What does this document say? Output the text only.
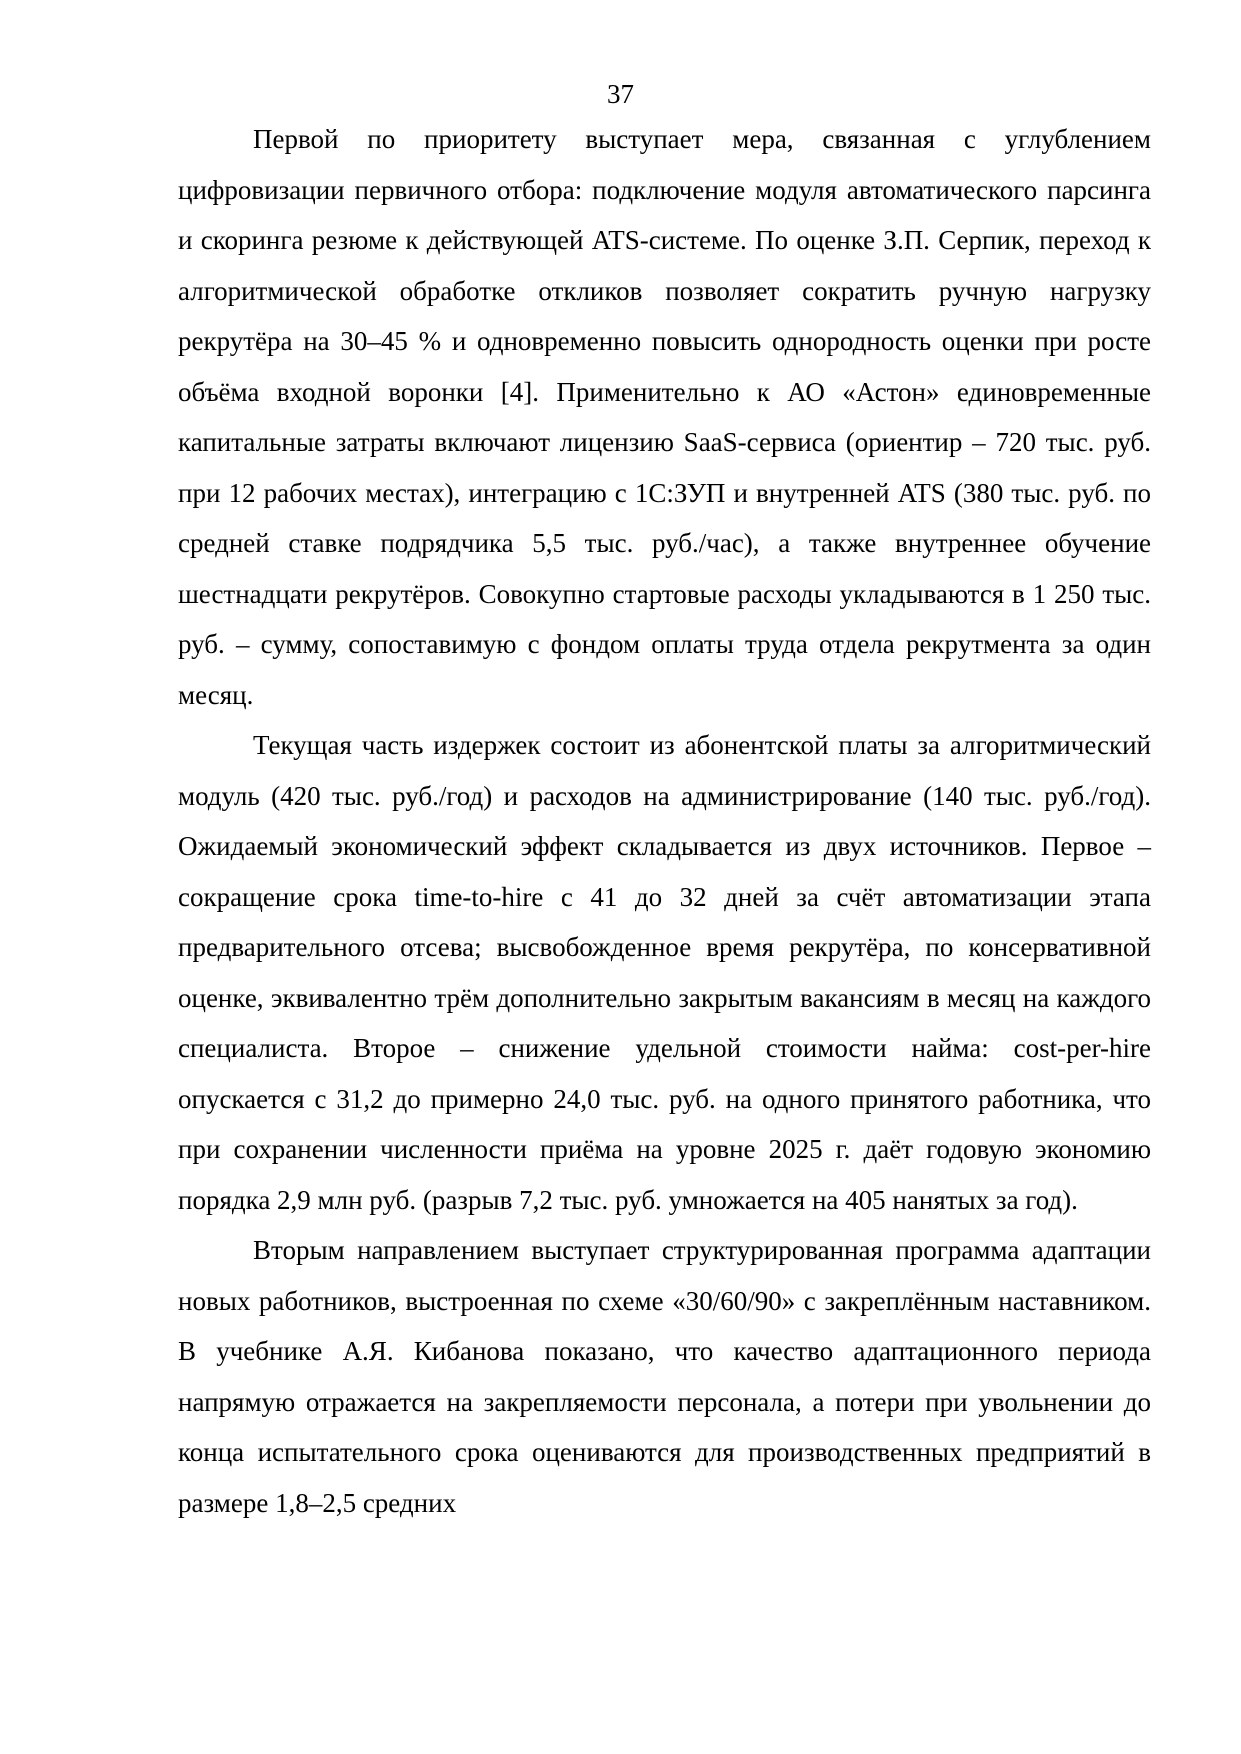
37

Первой по приоритету выступает мера, связанная с углублением цифровизации первичного отбора: подключение модуля автоматического парсинга и скоринга резюме к действующей ATS-системе. По оценке З.П. Серпик, переход к алгоритмической обработке откликов позволяет сократить ручную нагрузку рекрутёра на 30–45 % и одновременно повысить однородность оценки при росте объёма входной воронки [4]. Применительно к АО «Астон» единовременные капитальные затраты включают лицензию SaaS-сервиса (ориентир – 720 тыс. руб. при 12 рабочих местах), интеграцию с 1С:ЗУП и внутренней ATS (380 тыс. руб. по средней ставке подрядчика 5,5 тыс. руб./час), а также внутреннее обучение шестнадцати рекрутёров. Совокупно стартовые расходы укладываются в 1 250 тыс. руб. – сумму, сопоставимую с фондом оплаты труда отдела рекрутмента за один месяц.

Текущая часть издержек состоит из абонентской платы за алгоритмический модуль (420 тыс. руб./год) и расходов на администрирование (140 тыс. руб./год). Ожидаемый экономический эффект складывается из двух источников. Первое – сокращение срока time-to-hire с 41 до 32 дней за счёт автоматизации этапа предварительного отсева; высвобожденное время рекрутёра, по консервативной оценке, эквивалентно трём дополнительно закрытым вакансиям в месяц на каждого специалиста. Второе – снижение удельной стоимости найма: cost-per-hire опускается с 31,2 до примерно 24,0 тыс. руб. на одного принятого работника, что при сохранении численности приёма на уровне 2025 г. даёт годовую экономию порядка 2,9 млн руб. (разрыв 7,2 тыс. руб. умножается на 405 нанятых за год).

Вторым направлением выступает структурированная программа адаптации новых работников, выстроенная по схеме «30/60/90» с закреплённым наставником. В учебнике А.Я. Кибанова показано, что качество адаптационного периода напрямую отражается на закрепляемости персонала, а потери при увольнении до конца испытательного срока оцениваются для производственных предприятий в размере 1,8–2,5 средних
